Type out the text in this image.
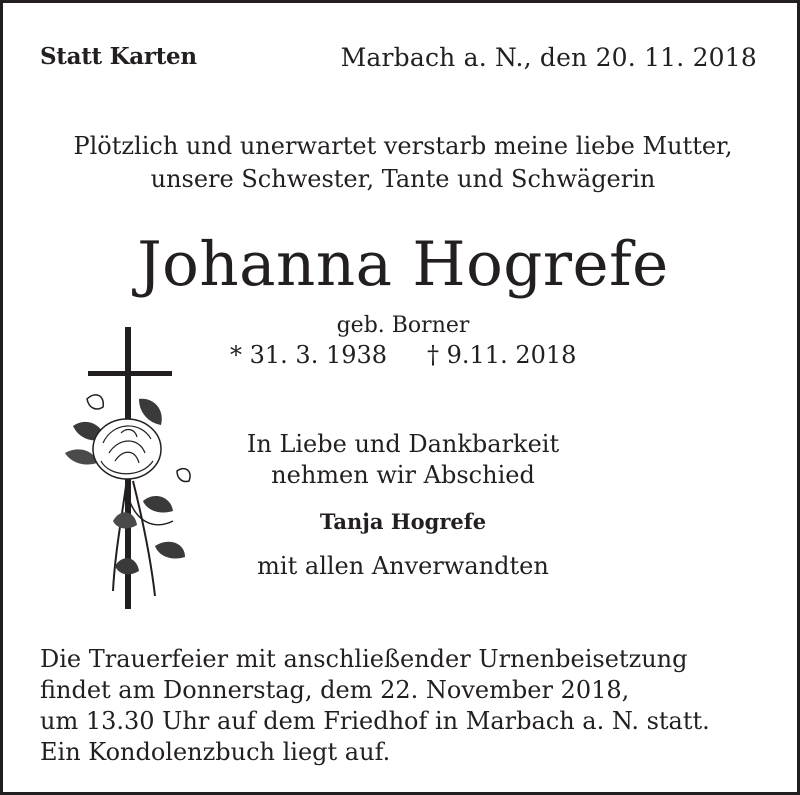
Statt Karten	Marbach a. N., den 20. 11. 2018
Plötzlich und unerwartet verstarb meine liebe Mutter,
unsere Schwester, Tante und Schwägerin
Johanna Hogrefe
geb. Borner
* 31. 3. 1938 † 9.11. 2018
In Liebe und Dankbarkeit
nehmen wir Abschied
Tanja Hogrefe
mit allen Anverwandten
Die Trauerfeier mit anschließender Urnenbeisetzung
findet am Donnerstag, dem 22. November 2018,
um 13.30 Uhr auf dem Friedhof in Marbach a. N. statt.
Ein Kondolenzbuch liegt auf.
